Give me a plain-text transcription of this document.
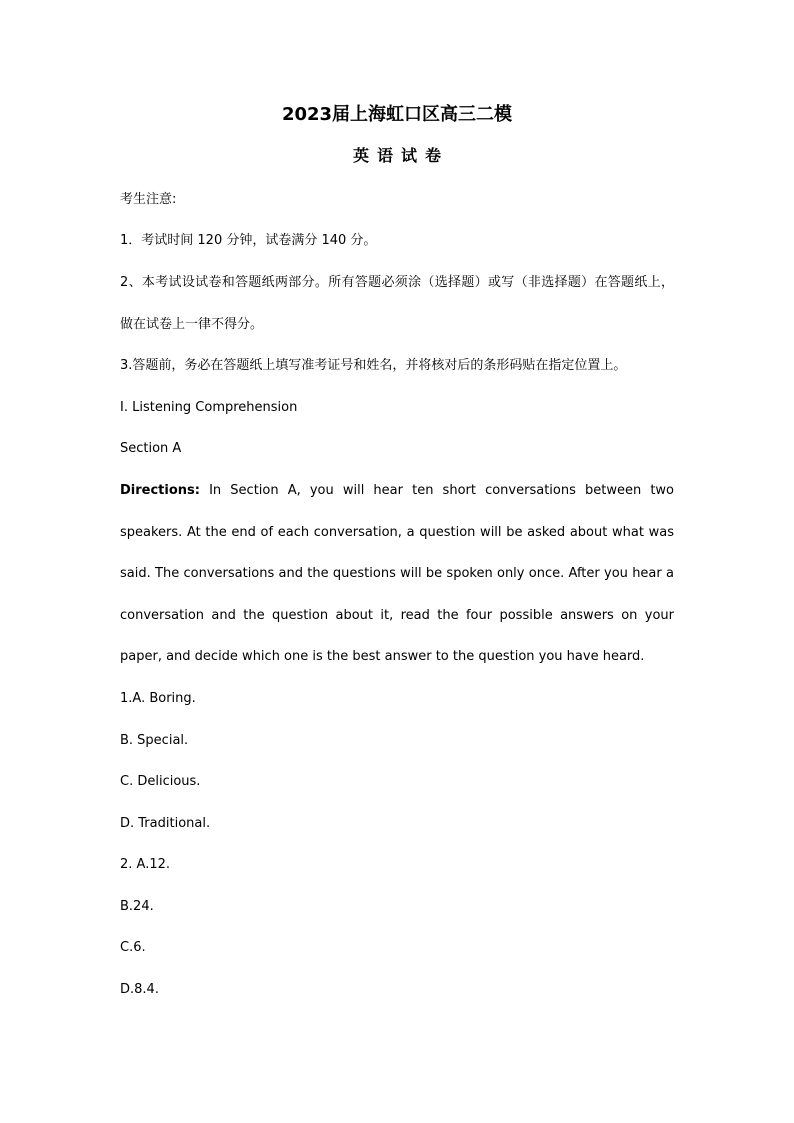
2023届上海虹口区高三二模
英语试卷
考生注意:
1．考试时间 120 分钟，试卷满分 140 分。

2、本考试设试卷和答题纸两部分。所有答题必须涂（选择题）或写（非选择题）在答题纸上，做在试卷上一律不得分。

3.答题前，务必在答题纸上填写准考证号和姓名，并将核对后的条形码贴在指定位置上。
I. Listening Comprehension
Section A

Directions: In Section A, you will hear ten short conversations between two speakers. At the end of each conversation, a question will be asked about what was said. The conversations and the questions will be spoken only once. After you hear a conversation and the question about it, read the four possible answers on your paper, and decide which one is the best answer to the question you have heard.

1.A. Boring.
B. Special.
C. Delicious.
D. Traditional.
2. A.12.
B.24.
C.6.
D.8.4.
